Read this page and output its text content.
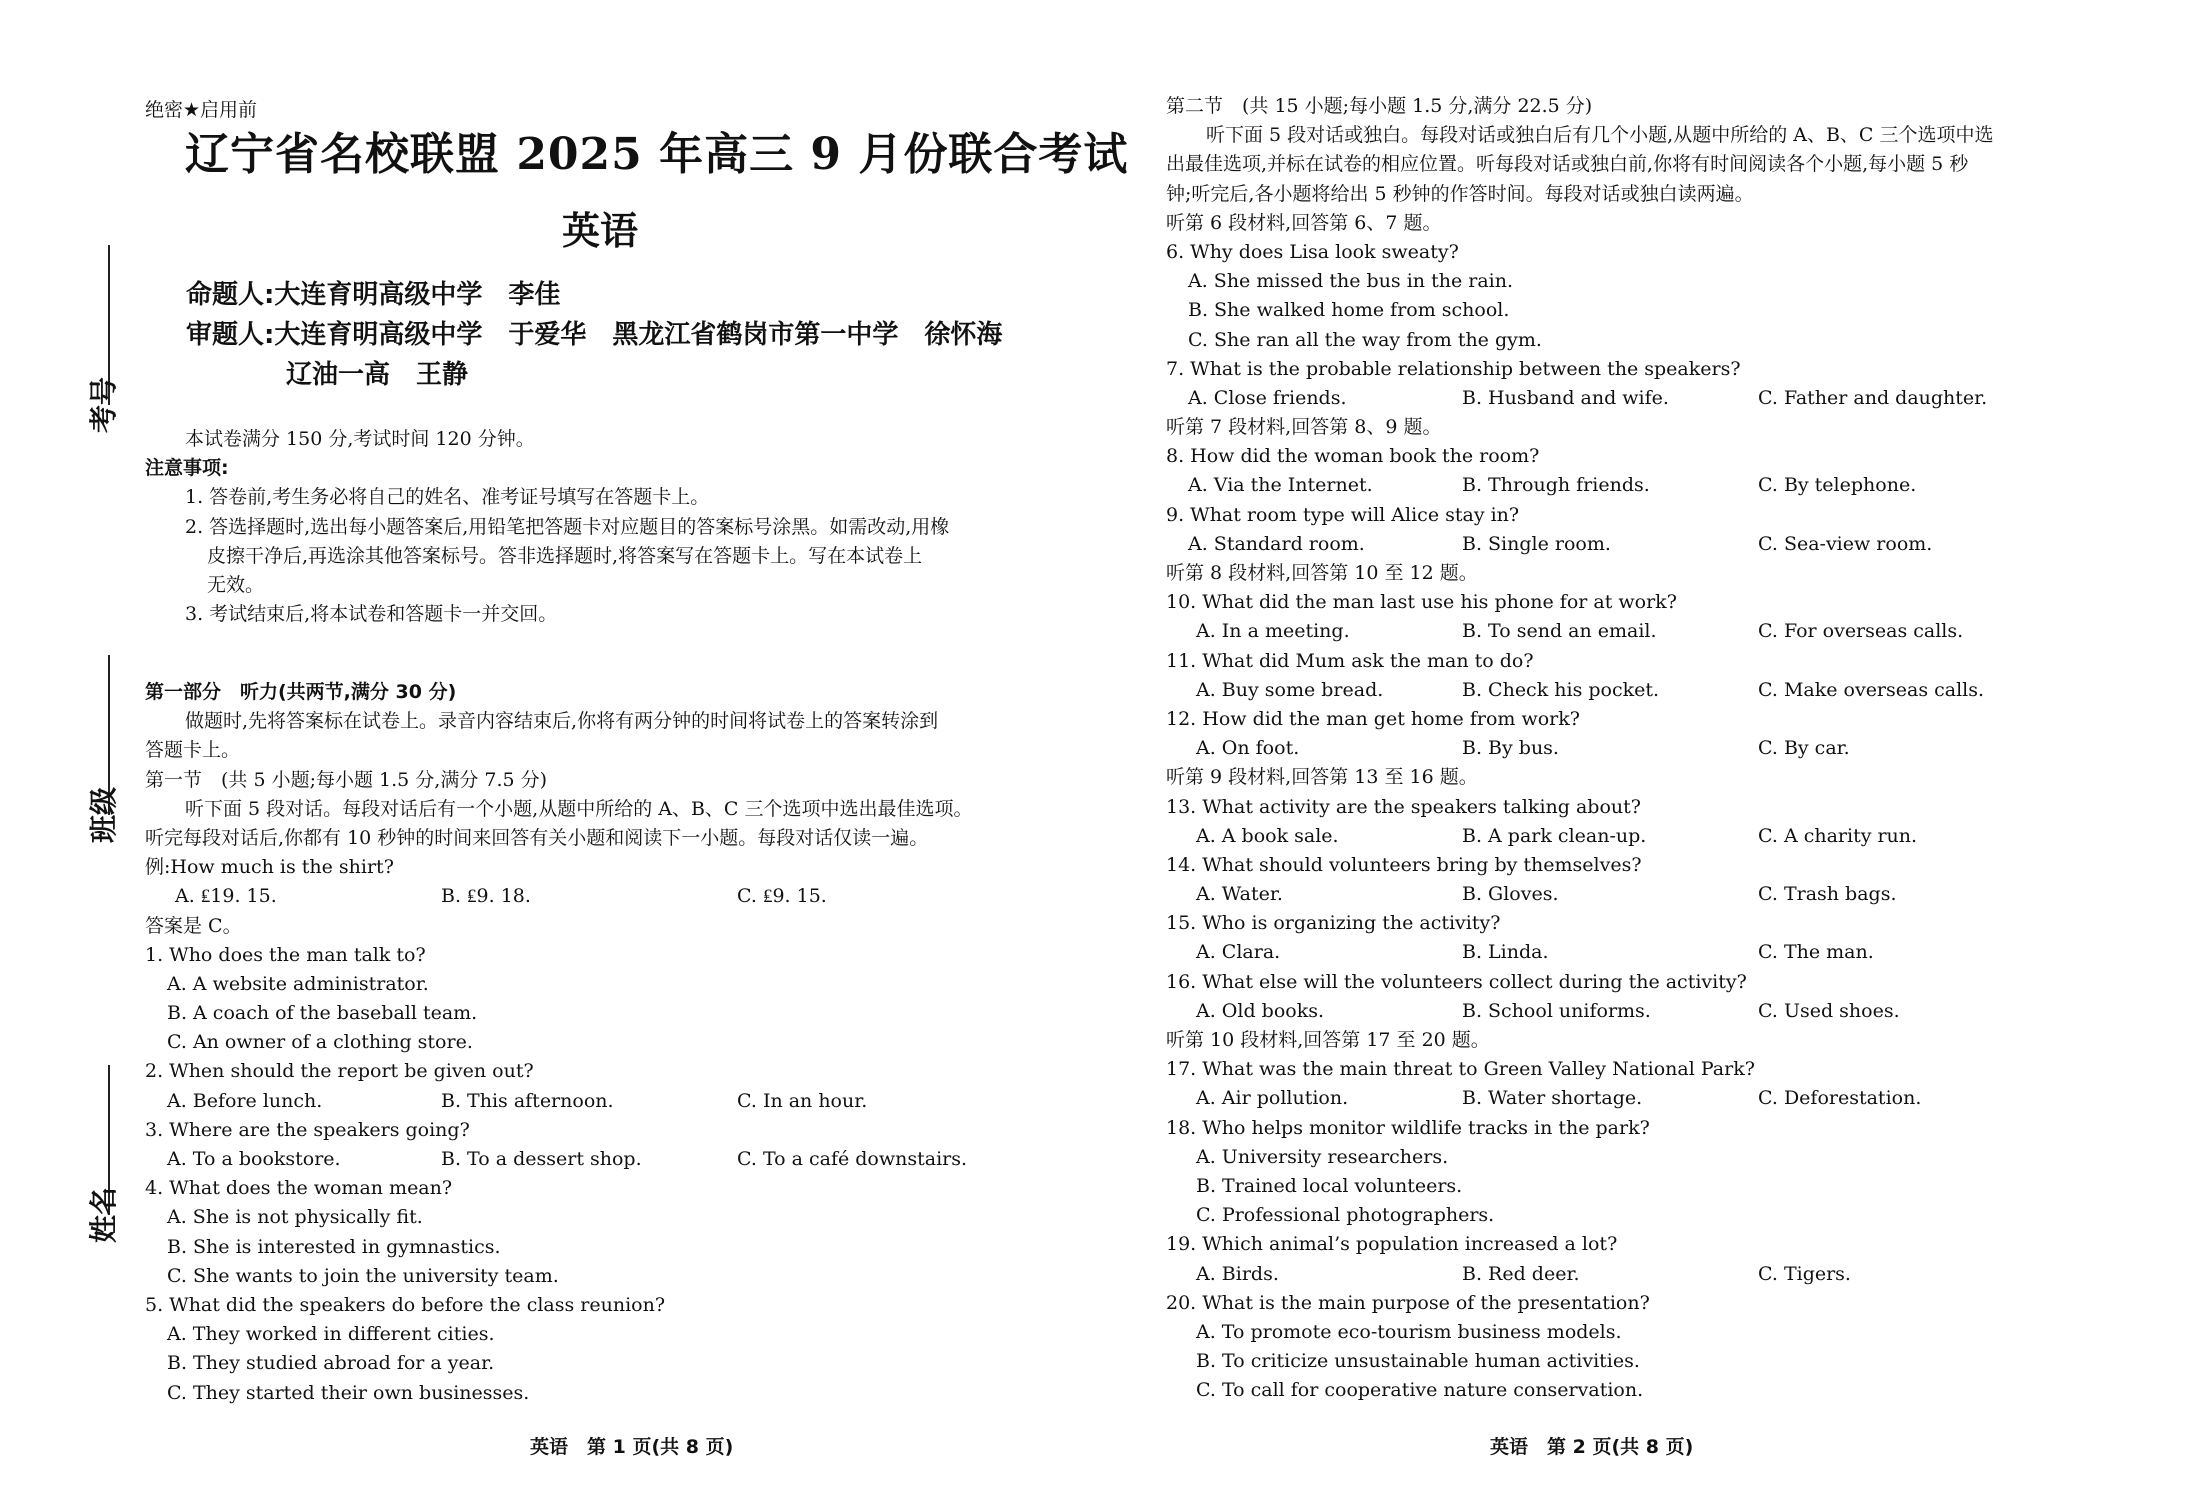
考号
班级
姓名
绝密★启用前
辽宁省名校联盟 2025 年高三 9 月份联合考试
英语
命题人:大连育明高级中学　李佳
审题人:大连育明高级中学　于爱华　黑龙江省鹤岗市第一中学　徐怀海
辽油一高　王静
本试卷满分 150 分,考试时间 120 分钟。
注意事项:
1. 答卷前,考生务必将自己的姓名、准考证号填写在答题卡上。
2. 答选择题时,选出每小题答案后,用铅笔把答题卡对应题目的答案标号涂黑。如需改动,用橡
皮擦干净后,再选涂其他答案标号。答非选择题时,将答案写在答题卡上。写在本试卷上
无效。
3. 考试结束后,将本试卷和答题卡一并交回。
第一部分　听力(共两节,满分 30 分)
做题时,先将答案标在试卷上。录音内容结束后,你将有两分钟的时间将试卷上的答案转涂到
答题卡上。
第一节　(共 5 小题;每小题 1.5 分,满分 7.5 分)
听下面 5 段对话。每段对话后有一个小题,从题中所给的 A、B、C 三个选项中选出最佳选项。
听完每段对话后,你都有 10 秒钟的时间来回答有关小题和阅读下一小题。每段对话仅读一遍。
例:How much is the shirt?
A. ₤19. 15.	B. ₤9. 18.	C. ₤9. 15.
答案是 C。
1. Who does the man talk to?
A. A website administrator.
B. A coach of the baseball team.
C. An owner of a clothing store.
2. When should the report be given out?
A. Before lunch.	B. This afternoon.	C. In an hour.
3. Where are the speakers going?
A. To a bookstore.	B. To a dessert shop.	C. To a café downstairs.
4. What does the woman mean?
A. She is not physically fit.
B. She is interested in gymnastics.
C. She wants to join the university team.
5. What did the speakers do before the class reunion?
A. They worked in different cities.
B. They studied abroad for a year.
C. They started their own businesses.
英语　第 1 页(共 8 页)
第二节　(共 15 小题;每小题 1.5 分,满分 22.5 分)
听下面 5 段对话或独白。每段对话或独白后有几个小题,从题中所给的 A、B、C 三个选项中选
出最佳选项,并标在试卷的相应位置。听每段对话或独白前,你将有时间阅读各个小题,每小题 5 秒
钟;听完后,各小题将给出 5 秒钟的作答时间。每段对话或独白读两遍。
听第 6 段材料,回答第 6、7 题。
6. Why does Lisa look sweaty?
A. She missed the bus in the rain.
B. She walked home from school.
C. She ran all the way from the gym.
7. What is the probable relationship between the speakers?
A. Close friends.	B. Husband and wife.	C. Father and daughter.
听第 7 段材料,回答第 8、9 题。
8. How did the woman book the room?
A. Via the Internet.	B. Through friends.	C. By telephone.
9. What room type will Alice stay in?
A. Standard room.	B. Single room.	C. Sea-view room.
听第 8 段材料,回答第 10 至 12 题。
10. What did the man last use his phone for at work?
A. In a meeting.	B. To send an email.	C. For overseas calls.
11. What did Mum ask the man to do?
A. Buy some bread.	B. Check his pocket.	C. Make overseas calls.
12. How did the man get home from work?
A. On foot.	B. By bus.	C. By car.
听第 9 段材料,回答第 13 至 16 题。
13. What activity are the speakers talking about?
A. A book sale.	B. A park clean-up.	C. A charity run.
14. What should volunteers bring by themselves?
A. Water.	B. Gloves.	C. Trash bags.
15. Who is organizing the activity?
A. Clara.	B. Linda.	C. The man.
16. What else will the volunteers collect during the activity?
A. Old books.	B. School uniforms.	C. Used shoes.
听第 10 段材料,回答第 17 至 20 题。
17. What was the main threat to Green Valley National Park?
A. Air pollution.	B. Water shortage.	C. Deforestation.
18. Who helps monitor wildlife tracks in the park?
A. University researchers.
B. Trained local volunteers.
C. Professional photographers.
19. Which animal’s population increased a lot?
A. Birds.	B. Red deer.	C. Tigers.
20. What is the main purpose of the presentation?
A. To promote eco-tourism business models.
B. To criticize unsustainable human activities.
C. To call for cooperative nature conservation.
英语　第 2 页(共 8 页)
